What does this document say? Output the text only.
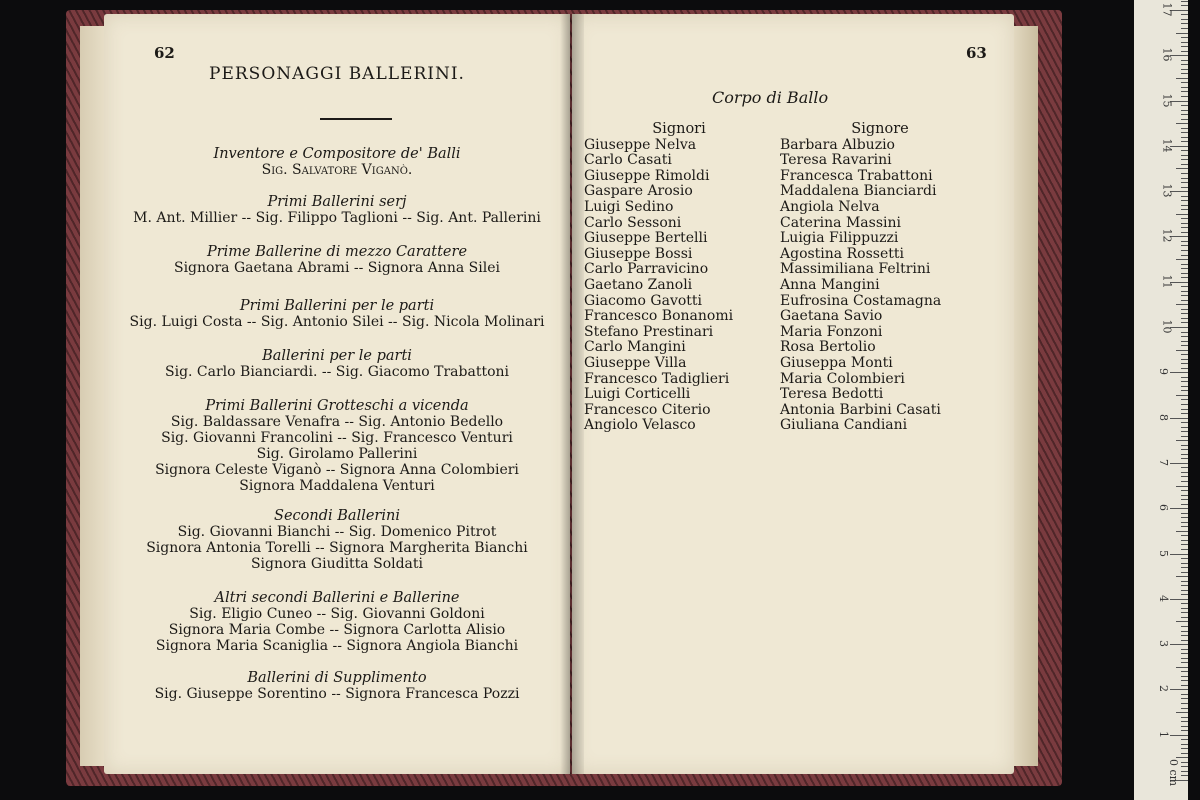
62
PERSONAGGI BALLERINI.
Inventore e Compositore de' Balli
Sig. Salvatore Viganò.
Primi Ballerini serj
M. Ant. Millier -- Sig. Filippo Taglioni -- Sig. Ant. Pallerini
Prime Ballerine di mezzo Carattere
Signora Gaetana Abrami -- Signora Anna Silei
Primi Ballerini per le parti
Sig. Luigi Costa -- Sig. Antonio Silei -- Sig. Nicola Molinari
Ballerini per le parti
Sig. Carlo Bianciardi. -- Sig. Giacomo Trabattoni
Primi Ballerini Grotteschi a vicenda
Sig. Baldassare Venafra -- Sig. Antonio Bedello
Sig. Giovanni Francolini -- Sig. Francesco Venturi
Sig. Girolamo Pallerini
Signora Celeste Viganò -- Signora Anna Colombieri
Signora Maddalena Venturi
Secondi Ballerini
Sig. Giovanni Bianchi -- Sig. Domenico Pitrot
Signora Antonia Torelli -- Signora Margherita Bianchi
Signora Giuditta Soldati
Altri secondi Ballerini e Ballerine
Sig. Eligio Cuneo -- Sig. Giovanni Goldoni
Signora Maria Combe -- Signora Carlotta Alisio
Signora Maria Scaniglia -- Signora Angiola Bianchi
Ballerini di Supplimento
Sig. Giuseppe Sorentino -- Signora Francesca Pozzi
63
Corpo di Ballo
Signori
Giuseppe Nelva
Carlo Casati
Giuseppe Rimoldi
Gaspare Arosio
Luigi Sedino
Carlo Sessoni
Giuseppe Bertelli
Giuseppe Bossi
Carlo Parravicino
Gaetano Zanoli
Giacomo Gavotti
Francesco Bonanomi
Stefano Prestinari
Carlo Mangini
Giuseppe Villa
Francesco Tadiglieri
Luigi Corticelli
Francesco Citerio
Angiolo Velasco
Signore
Barbara Albuzio
Teresa Ravarini
Francesca Trabattoni
Maddalena Bianciardi
Angiola Nelva
Caterina Massini
Luigia Filippuzzi
Agostina Rossetti
Massimiliana Feltrini
Anna Mangini
Eufrosina Costamagna
Gaetana Savio
Maria Fonzoni
Rosa Bertolio
Giuseppa Monti
Maria Colombieri
Teresa Bedotti
Antonia Barbini Casati
Giuliana Candiani
1
2
3
4
5
6
7
8
9
10
11
12
13
14
15
16
17
0 cm
